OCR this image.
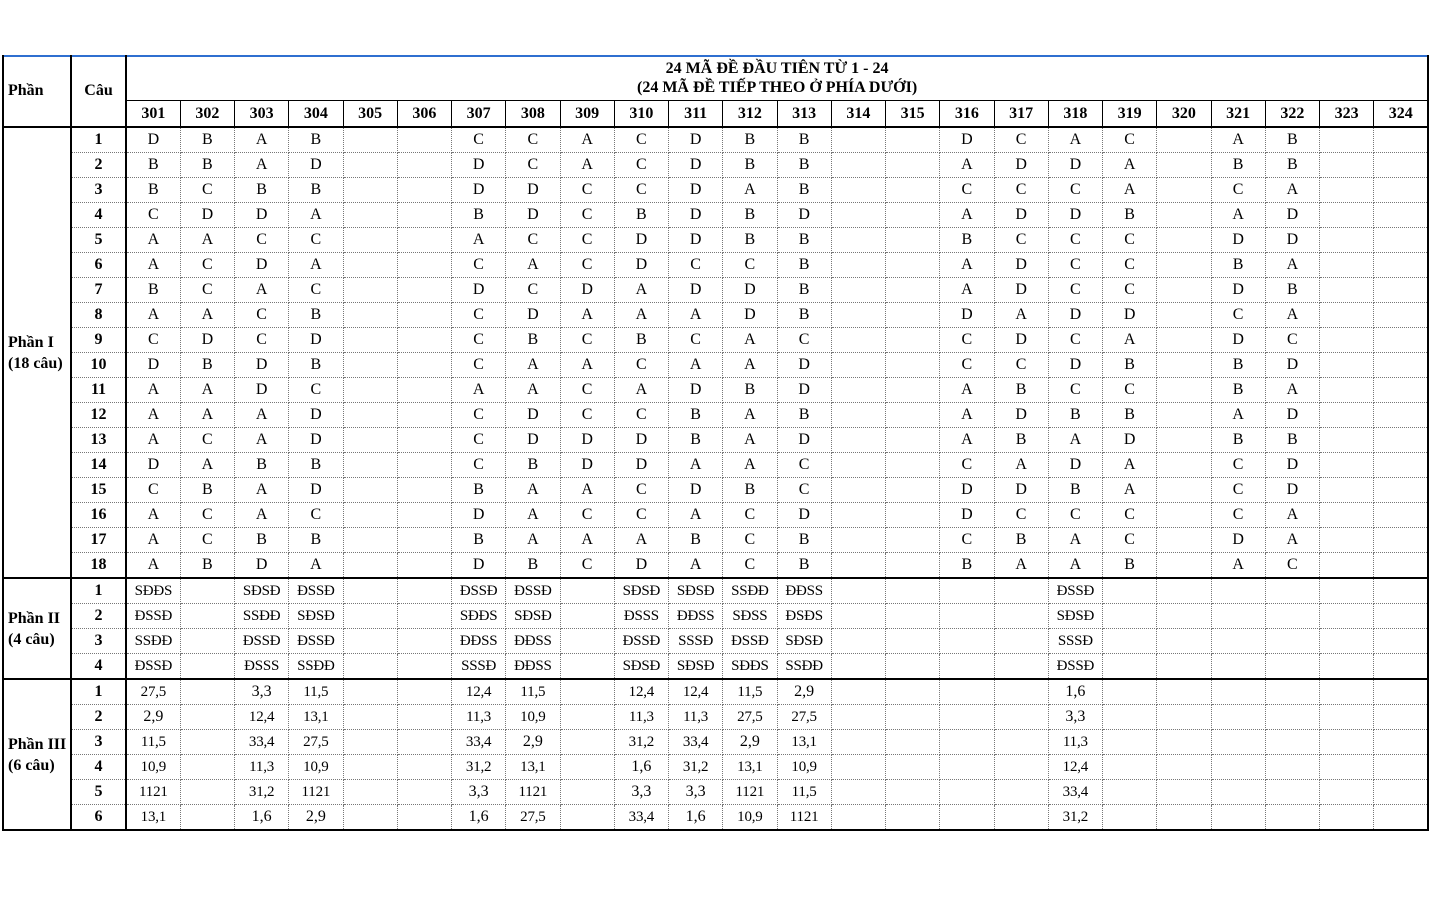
Phần	Câu	24 MÃ ĐỀ ĐẦU TIÊN TỪ 1 - 24
(24 MÃ ĐỀ TIẾP THEO Ở PHÍA DƯỚI)																							

		301	302	303	304	305	306	307	308	309	310	311	312	313	314	315	316	317	318	319	320	321	322	323	324
Phần I (18 câu)	1	D	B	A	B			C	C	A	C	D	B	B			D	C	A	C		A	B		
	2	B	B	A	D			D	C	A	C	D	B	B			A	D	D	A		B	B		
	3	B	C	B	B			D	D	C	C	D	A	B			C	C	C	A		C	A		
	4	C	D	D	A			B	D	C	B	D	B	D			A	D	D	B		A	D		
	5	A	A	C	C			A	C	C	D	D	B	B			B	C	C	C		D	D		
	6	A	C	D	A			C	A	C	D	C	C	B			A	D	C	C		B	A		
	7	B	C	A	C			D	C	D	A	D	D	B			A	D	C	C		D	B		
	8	A	A	C	B			C	D	A	A	A	D	B			D	A	D	D		C	A		
	9	C	D	C	D			C	B	C	B	C	A	C			C	D	C	A		D	C		
	10	D	B	D	B			C	A	A	C	A	A	D			C	C	D	B		B	D		
	11	A	A	D	C			A	A	C	A	D	B	D			A	B	C	C		B	A		
	12	A	A	A	D			C	D	C	C	B	A	B			A	D	B	B		A	D		
	13	A	C	A	D			C	D	D	D	B	A	D			A	B	A	D		B	B		
	14	D	A	B	B			C	B	D	D	A	A	C			C	A	D	A		C	D		
	15	C	B	A	D			B	A	A	C	D	B	C			D	D	B	A		C	D		
	16	A	C	A	C			D	A	C	C	A	C	D			D	C	C	C		C	A		
	17	A	C	B	B			B	A	A	A	B	C	B			C	B	A	C		D	A		
	18	A	B	D	A			D	B	C	D	A	C	B			B	A	A	B		A	C		
Phần II (4 câu)	1	SĐĐS		SĐSĐ	ĐSSĐ			ĐSSĐ	ĐSSĐ		SĐSĐ	SĐSĐ	SSĐĐ	ĐĐSS					ĐSSĐ						
	2	ĐSSĐ		SSĐĐ	SĐSĐ			SĐĐS	SĐSĐ		ĐSSS	ĐĐSS	SĐSS	ĐSĐS					SĐSĐ						
	3	SSĐĐ		ĐSSĐ	ĐSSĐ			ĐĐSS	ĐĐSS		ĐSSĐ	SSSĐ	ĐSSĐ	SĐSĐ					SSSĐ						
	4	ĐSSĐ		ĐSSS	SSĐĐ			SSSĐ	ĐĐSS		SĐSĐ	SĐSĐ	SĐĐS	SSĐĐ					ĐSSĐ						
Phần III (6 câu)	1	27,5		3,3	11,5			12,4	11,5		12,4	12,4	11,5	2,9					1,6						
	2	2,9		12,4	13,1			11,3	10,9		11,3	11,3	27,5	27,5					3,3						
	3	11,5		33,4	27,5			33,4	2,9		31,2	33,4	2,9	13,1					11,3						
	4	10,9		11,3	10,9			31,2	13,1		1,6	31,2	13,1	10,9					12,4						
	5	1121		31,2	1121			3,3	1121		3,3	3,3	1121	11,5					33,4						
	6	13,1		1,6	2,9			1,6	27,5		33,4	1,6	10,9	1121					31,2						
